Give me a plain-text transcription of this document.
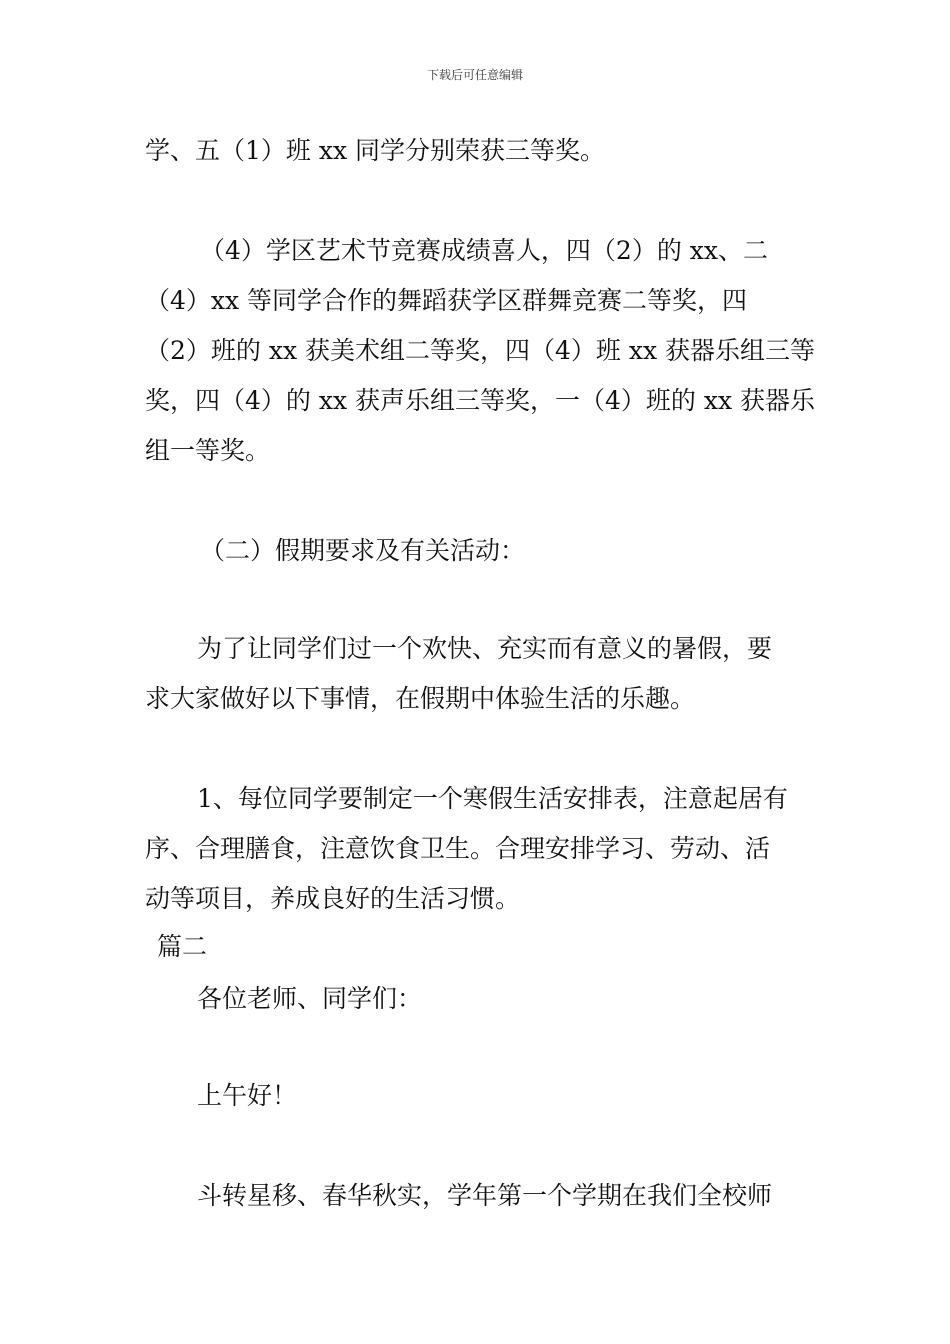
下载后可任意编辑
学、五（1）班 xx 同学分别荣获三等奖。
（4）学区艺术节竞赛成绩喜人，四（2）的 xx、二
（4）xx 等同学合作的舞蹈获学区群舞竞赛二等奖，四
（2）班的 xx 获美术组二等奖，四（4）班 xx 获器乐组三等
奖，四（4）的 xx 获声乐组三等奖，一（4）班的 xx 获器乐
组一等奖。
（二）假期要求及有关活动：
为了让同学们过一个欢快、充实而有意义的暑假，要
求大家做好以下事情，在假期中体验生活的乐趣。
1、每位同学要制定一个寒假生活安排表，注意起居有
序、合理膳食，注意饮食卫生。合理安排学习、劳动、活
动等项目，养成良好的生活习惯。
篇二
各位老师、同学们：
上午好！
斗转星移、春华秋实，学年第一个学期在我们全校师
